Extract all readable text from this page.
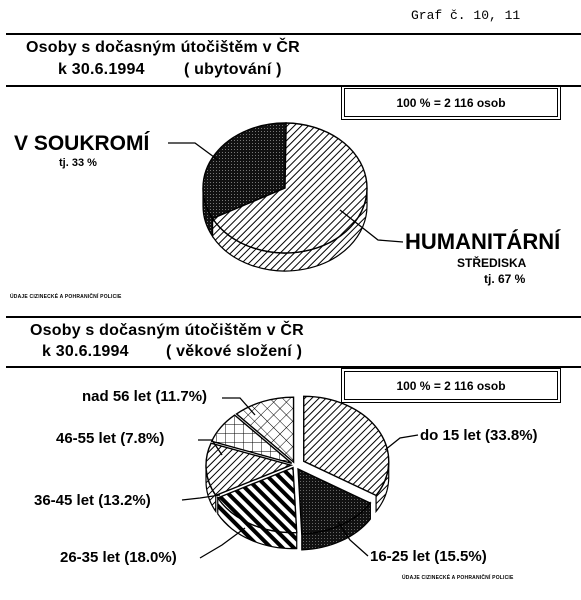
Graf č. 10, 11
Osoby s dočasným útočištěm v ČR
k 30.6.1994 ( ubytování )
100 % = 2 116 osob
V SOUKROMÍ
tj. 33 %
HUMANITÁRNÍ
STŘEDISKA
tj. 67 %
ÚDAJE CIZINECKÉ A POHRANIČNÍ POLICIE
Osoby s dočasným útočištěm v ČR
k 30.6.1994 ( věkové složení )
100 % = 2 116 osob
do 15 let (33.8%)
16-25 let (15.5%)
26-35 let (18.0%)
36-45 let (13.2%)
46-55 let (7.8%)
nad 56 let (11.7%)
ÚDAJE CIZINECKÉ A POHRANIČNÍ POLICIE
